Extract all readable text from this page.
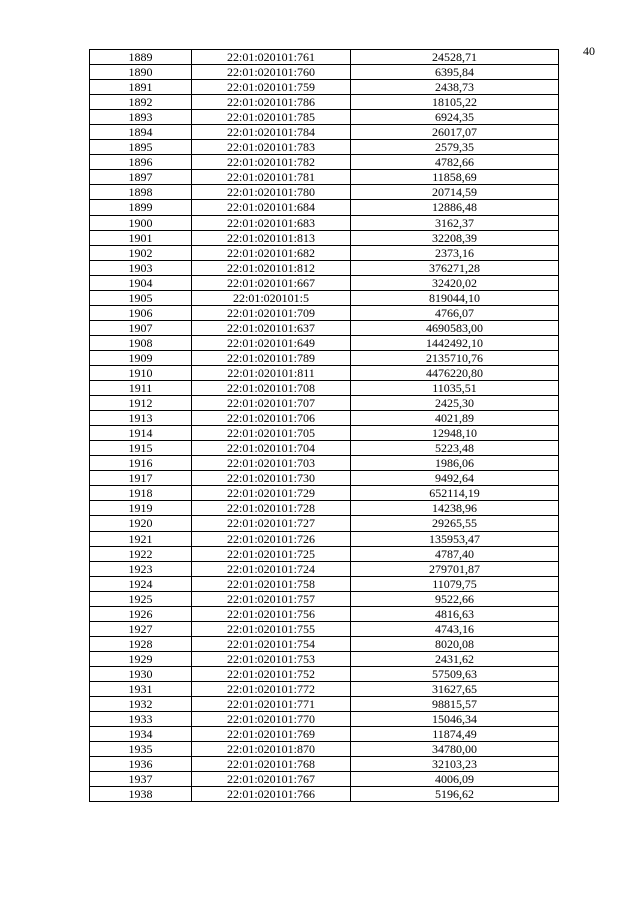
40
1889	22:01:020101:761	24528,71
1890	22:01:020101:760	6395,84
1891	22:01:020101:759	2438,73
1892	22:01:020101:786	18105,22
1893	22:01:020101:785	6924,35
1894	22:01:020101:784	26017,07
1895	22:01:020101:783	2579,35
1896	22:01:020101:782	4782,66
1897	22:01:020101:781	11858,69
1898	22:01:020101:780	20714,59
1899	22:01:020101:684	12886,48
1900	22:01:020101:683	3162,37
1901	22:01:020101:813	32208,39
1902	22:01:020101:682	2373,16
1903	22:01:020101:812	376271,28
1904	22:01:020101:667	32420,02
1905	22:01:020101:5	819044,10
1906	22:01:020101:709	4766,07
1907	22:01:020101:637	4690583,00
1908	22:01:020101:649	1442492,10
1909	22:01:020101:789	2135710,76
1910	22:01:020101:811	4476220,80
1911	22:01:020101:708	11035,51
1912	22:01:020101:707	2425,30
1913	22:01:020101:706	4021,89
1914	22:01:020101:705	12948,10
1915	22:01:020101:704	5223,48
1916	22:01:020101:703	1986,06
1917	22:01:020101:730	9492,64
1918	22:01:020101:729	652114,19
1919	22:01:020101:728	14238,96
1920	22:01:020101:727	29265,55
1921	22:01:020101:726	135953,47
1922	22:01:020101:725	4787,40
1923	22:01:020101:724	279701,87
1924	22:01:020101:758	11079,75
1925	22:01:020101:757	9522,66
1926	22:01:020101:756	4816,63
1927	22:01:020101:755	4743,16
1928	22:01:020101:754	8020,08
1929	22:01:020101:753	2431,62
1930	22:01:020101:752	57509,63
1931	22:01:020101:772	31627,65
1932	22:01:020101:771	98815,57
1933	22:01:020101:770	15046,34
1934	22:01:020101:769	11874,49
1935	22:01:020101:870	34780,00
1936	22:01:020101:768	32103,23
1937	22:01:020101:767	4006,09
1938	22:01:020101:766	5196,62
